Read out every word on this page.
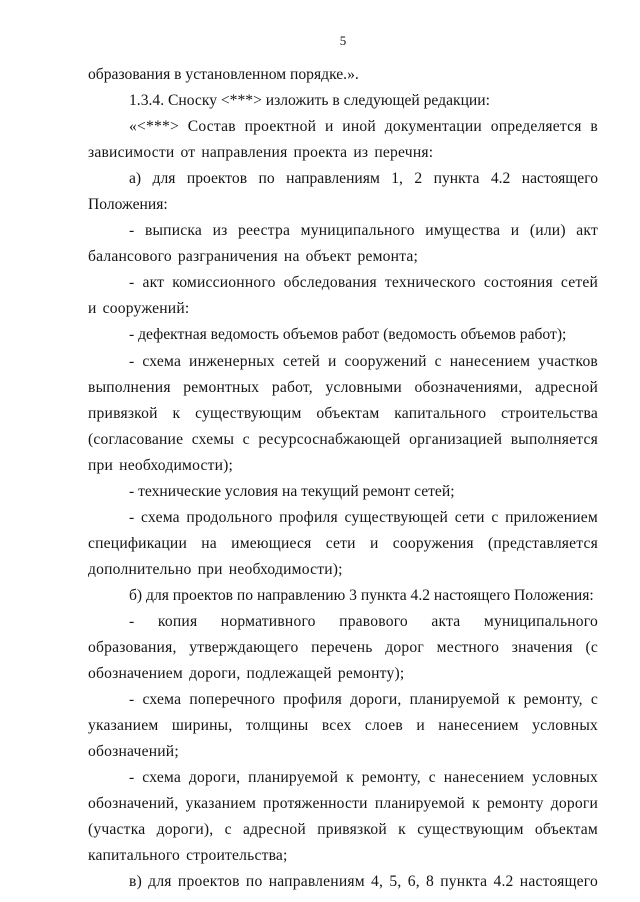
5

образования в установленном порядке.».

1.3.4. Сноску <***> изложить в следующей редакции:

«<***> Состав проектной и иной документации определяется в зависимости от направления проекта из перечня:

а) для проектов по направлениям 1, 2 пункта 4.2 настоящего Положения:

- выписка из реестра муниципального имущества и (или) акт балансового разграничения на объект ремонта;

- акт комиссионного обследования технического состояния сетей и сооружений:

- дефектная ведомость объемов работ (ведомость объемов работ);

- схема инженерных сетей и сооружений с нанесением участков выполнения ремонтных работ, условными обозначениями, адресной привязкой к существующим объектам капитального строительства (согласование схемы с ресурсоснабжающей организацией выполняется при необходимости);

- технические условия на текущий ремонт сетей;

- схема продольного профиля существующей сети с приложением спецификации на имеющиеся сети и сооружения (представляется дополнительно при необходимости);

б) для проектов по направлению 3 пункта 4.2 настоящего Положения:

- копия нормативного правового акта муниципального образования, утверждающего перечень дорог местного значения (с обозначением дороги, подлежащей ремонту);

- схема поперечного профиля дороги, планируемой к ремонту, с указанием ширины, толщины всех слоев и нанесением условных обозначений;

- схема дороги, планируемой к ремонту, с нанесением условных обозначений, указанием протяженности планируемой к ремонту дороги (участка дороги), с адресной привязкой к существующим объектам капитального строительства;

в) для проектов по направлениям 4, 5, 6, 8 пункта 4.2 настоящего
